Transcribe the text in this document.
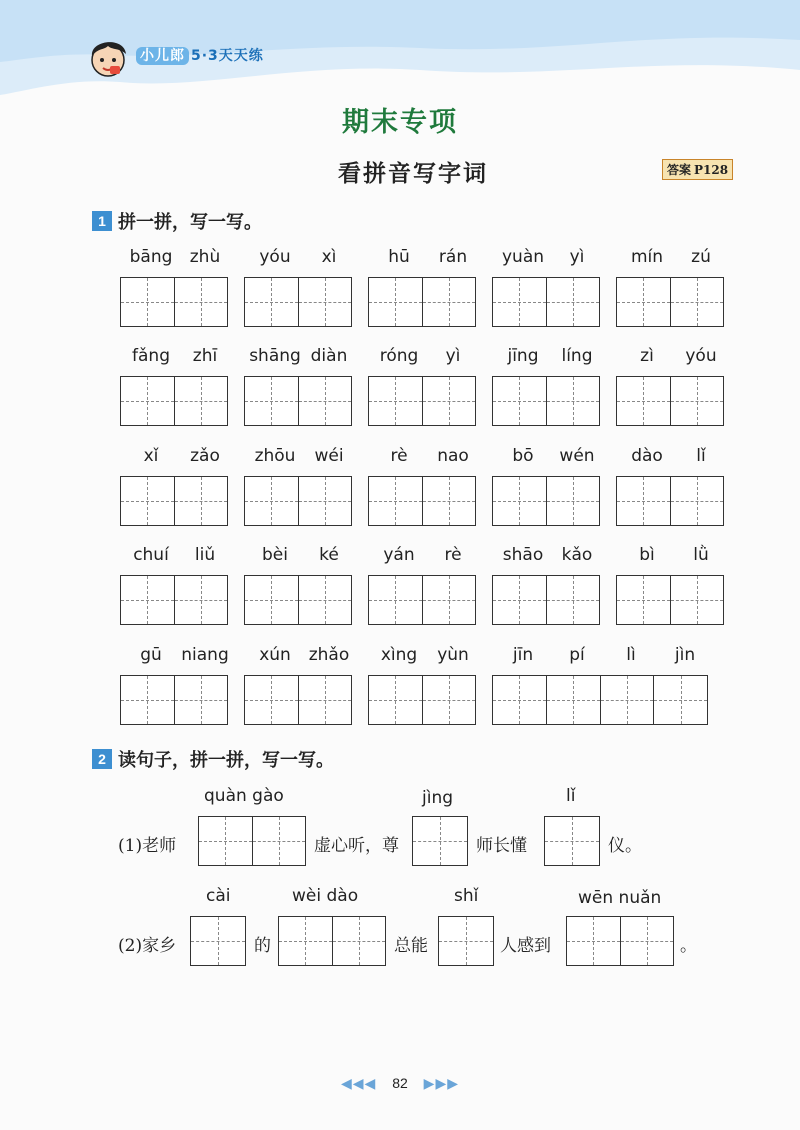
小儿郎 5·3天天练
期末专项
看拼音写字词	答案 P128
1 拼一拼，写一写。
bāng	zhù	yóu	xì	hū	rán	yuàn	yì	mín	zú
fǎng	zhī	shāng diàn	róng	yì	jīng	líng	zì	yóu
xǐ	zǎo	zhōu	wéi	rè	nao	bō	wén	dào	lǐ
chuí	liǔ	bèi	ké	yán	rè	shāo	kǎo	bì	lǜ
gū	niang	xún	zhǎo	xìng	yùn	jīn	pí	lì	jìn
2 读句子，拼一拼，写一写。
quàn gào	jìng	lǐ
(1)老师	虚心听，尊	师长懂	仪。
cài	wèi dào	shǐ	wēn nuǎn
(2)家乡	的	总能	人感到	。
◀◀◀ 82 ▶▶▶
